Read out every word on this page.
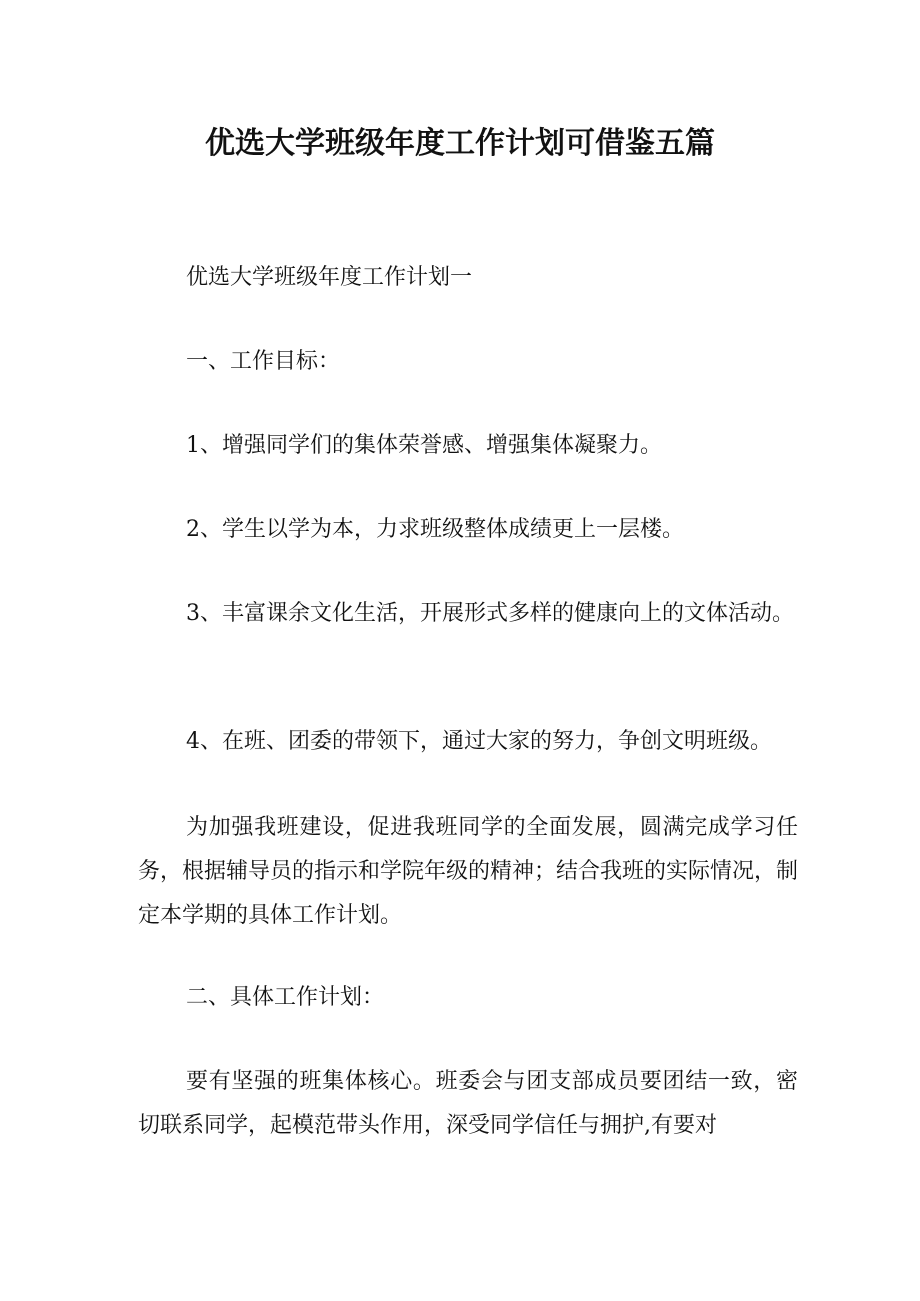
优选大学班级年度工作计划可借鉴五篇

优选大学班级年度工作计划一

一、工作目标：

1、增强同学们的集体荣誉感、增强集体凝聚力。

2、学生以学为本，力求班级整体成绩更上一层楼。

3、丰富课余文化生活，开展形式多样的健康向上的文体活动。

4、在班、团委的带领下，通过大家的努力，争创文明班级。

为加强我班建设，促进我班同学的全面发展，圆满完成学习任务，根据辅导员的指示和学院年级的精神；结合我班的实际情况，制定本学期的具体工作计划。

二、具体工作计划：

要有坚强的班集体核心。班委会与团支部成员要团结一致，密切联系同学，起模范带头作用，深受同学信任与拥护,有要对
